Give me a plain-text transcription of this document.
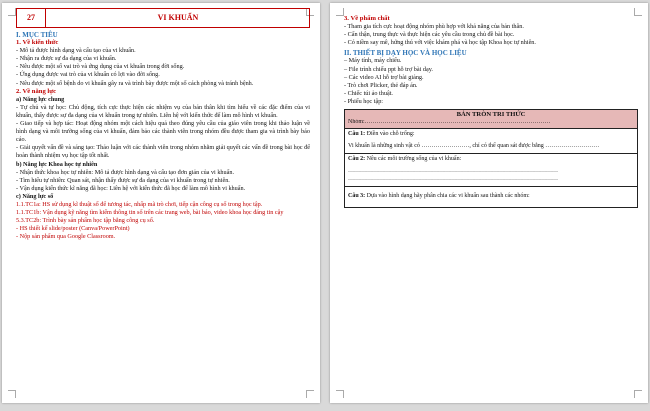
27	VI KHUẨN
I. MỤC TIÊU
1. Về kiến thức
- Mô tả được hình dạng và cấu tạo của vi khuẩn.
- Nhận ra được sự đa dạng của vi khuẩn.
- Nêu được một số vai trò và ứng dụng của vi khuẩn trong đời sống.
- Ứng dụng được vai trò của vi khuẩn có lợi vào đời sống.
- Nêu được một số bệnh do vi khuẩn gây ra và trình bày được một số cách phòng và tránh bệnh.
2. Về năng lực
a) Năng lực chung
- Tự chủ và tự học: Chủ động, tích cực thực hiện các nhiệm vụ của bản thân khi tìm hiểu về các đặc điểm của vi khuẩn, thấy được sự đa dạng của vi khuẩn trong tự nhiên. Liên hệ với kiến thức để làm mô hình vi khuẩn.
- Giao tiếp và hợp tác: Hoạt động nhóm một cách hiệu quả theo đúng yêu cầu của giáo viên trong khi thảo luận về hình dạng và môi trường sống của vi khuẩn, đảm bảo các thành viên trong nhóm đều được tham gia và trình bày báo cáo.
- Giải quyết vấn đề và sáng tạo: Thảo luận với các thành viên trong nhóm nhằm giải quyết các vấn đề trong bài học để hoàn thành nhiệm vụ học tập tốt nhất.
b) Năng lực Khoa học tự nhiên
- Nhận thức khoa học tự nhiên: Mô tả được hình dạng và cấu tạo đơn giản của vi khuẩn.
- Tìm hiểu tự nhiên: Quan sát, nhận thấy được sự đa dạng của vi khuẩn trong tự nhiên.
- Vận dụng kiến thức kĩ năng đã học: Liên hệ với kiến thức đã học để làm mô hình vi khuẩn.
c) Năng lực số
1.1.TC1a: HS sử dụng kĩ thuật số để tương tác, nhấp mã trò chơi, tiếp cận công cụ số trong học tập.
1.1.TC1b: Vận dụng kỹ năng tìm kiếm thông tin số trên các trang web, bài báo, video khoa học đáng tin cậy
5.3.TC2b: Trình bày sản phẩm học tập bằng công cụ số.
- HS thiết kế slide/poster (Canva/PowerPoint)
- Nộp sản phẩm qua Google Classroom.
3. Về phẩm chất
- Tham gia tích cực hoạt động nhóm phù hợp với khả năng của bản thân.
- Cẩn thận, trung thực và thực hiện các yêu cầu trong chủ đề bài học.
- Có niềm say mê, hứng thú với việc khám phá và học tập Khoa học tự nhiên.
II. THIẾT BỊ DẠY HỌC VÀ HỌC LIỆU
– Máy tính, máy chiếu.
– File trình chiếu ppt hỗ trợ bài dạy.
– Các video AI hỗ trợ bài giảng.
- Trò chơi Plicker, thẻ đáp án.
- Chiếc túi ảo thuật.
- Phiếu học tập:
BẢN TRÒN TRI THỨC
Nhóm:…………………………………………………………………………………
Câu 1: Điền vào chỗ trống:
Vi khuẩn là những sinh vật có ……………………, chỉ có thể quan sát được bằng ………………………
Câu 2: Nêu các môi trường sống của vi khuẩn:
……………………………………………………………………………………………
……………………………………………………………………………………………
Câu 3: Dựa vào hình dạng hãy phân chia các vi khuẩn sau thành các nhóm:
